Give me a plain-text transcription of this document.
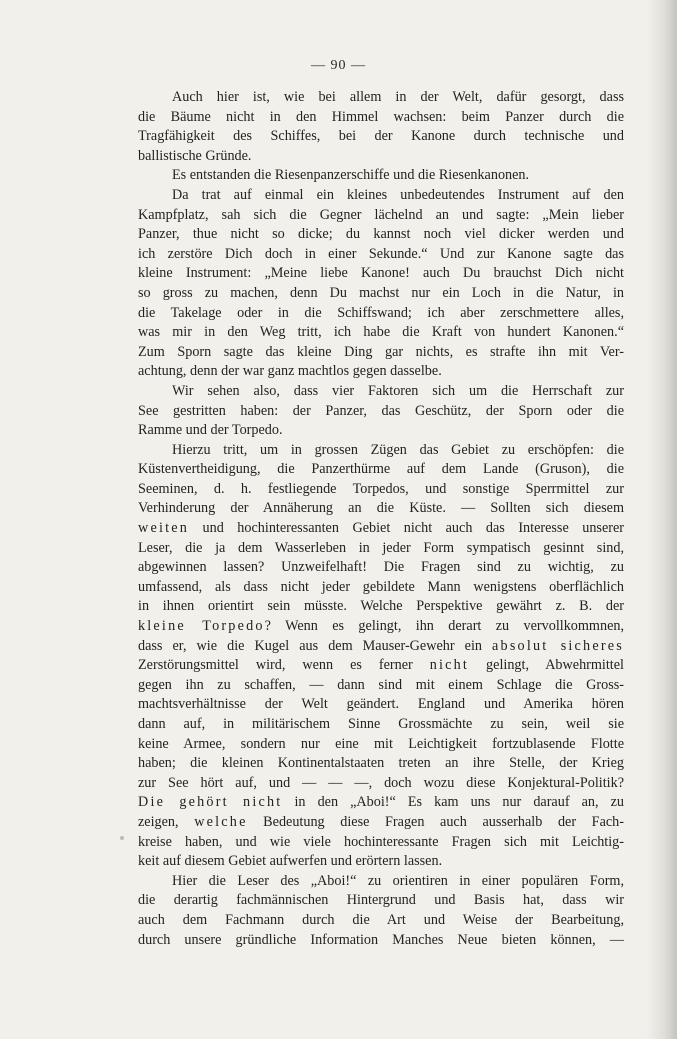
— 90 —
Auch hier ist, wie bei allem in der Welt, dafür gesorgt, dass
die Bäume nicht in den Himmel wachsen: beim Panzer durch die
Tragfähigkeit des Schiffes, bei der Kanone durch technische und
ballistische Gründe.
Es entstanden die Riesenpanzerschiffe und die Riesenkanonen.
Da trat auf einmal ein kleines unbedeutendes Instrument auf den
Kampfplatz, sah sich die Gegner lächelnd an und sagte: „Mein lieber
Panzer, thue nicht so dicke; du kannst noch viel dicker werden und
ich zerstöre Dich doch in einer Sekunde.“ Und zur Kanone sagte das
kleine Instrument: „Meine liebe Kanone! auch Du brauchst Dich nicht
so gross zu machen, denn Du machst nur ein Loch in die Natur, in
die Takelage oder in die Schiffswand; ich aber zerschmettere alles,
was mir in den Weg tritt, ich habe die Kraft von hundert Kanonen.“
Zum Sporn sagte das kleine Ding gar nichts, es strafte ihn mit Ver-
achtung, denn der war ganz machtlos gegen dasselbe.
Wir sehen also, dass vier Faktoren sich um die Herrschaft zur
See gestritten haben: der Panzer, das Geschütz, der Sporn oder die
Ramme und der Torpedo.
Hierzu tritt, um in grossen Zügen das Gebiet zu erschöpfen: die
Küstenvertheidigung, die Panzerthürme auf dem Lande (Gruson), die
Seeminen, d. h. festliegende Torpedos, und sonstige Sperrmittel zur
Verhinderung der Annäherung an die Küste. — Sollten sich diesem
weiten und hochinteressanten Gebiet nicht auch das Interesse unserer
Leser, die ja dem Wasserleben in jeder Form sympatisch gesinnt sind,
abgewinnen lassen? Unzweifelhaft! Die Fragen sind zu wichtig, zu
umfassend, als dass nicht jeder gebildete Mann wenigstens oberflächlich
in ihnen orientirt sein müsste. Welche Perspektive gewährt z. B. der
kleine Torpedo? Wenn es gelingt, ihn derart zu vervollkommnen,
dass er, wie die Kugel aus dem Mauser-Gewehr ein absolut sicheres
Zerstörungsmittel wird, wenn es ferner nicht gelingt, Abwehrmittel
gegen ihn zu schaffen, — dann sind mit einem Schlage die Gross-
machtsverhältnisse der Welt geändert. England und Amerika hören
dann auf, in militärischem Sinne Grossmächte zu sein, weil sie
keine Armee, sondern nur eine mit Leichtigkeit fortzublasende Flotte
haben; die kleinen Kontinentalstaaten treten an ihre Stelle, der Krieg
zur See hört auf, und — — —, doch wozu diese Konjektural-Politik?
Die gehört nicht in den „Aboi!“ Es kam uns nur darauf an, zu
zeigen, welche Bedeutung diese Fragen auch ausserhalb der Fach-
kreise haben, und wie viele hochinteressante Fragen sich mit Leichtig-
keit auf diesem Gebiet aufwerfen und erörtern lassen.
Hier die Leser des „Aboi!“ zu orientiren in einer populären Form,
die derartig fachmännischen Hintergrund und Basis hat, dass wir
auch dem Fachmann durch die Art und Weise der Bearbeitung,
durch unsere gründliche Information Manches Neue bieten können, —
